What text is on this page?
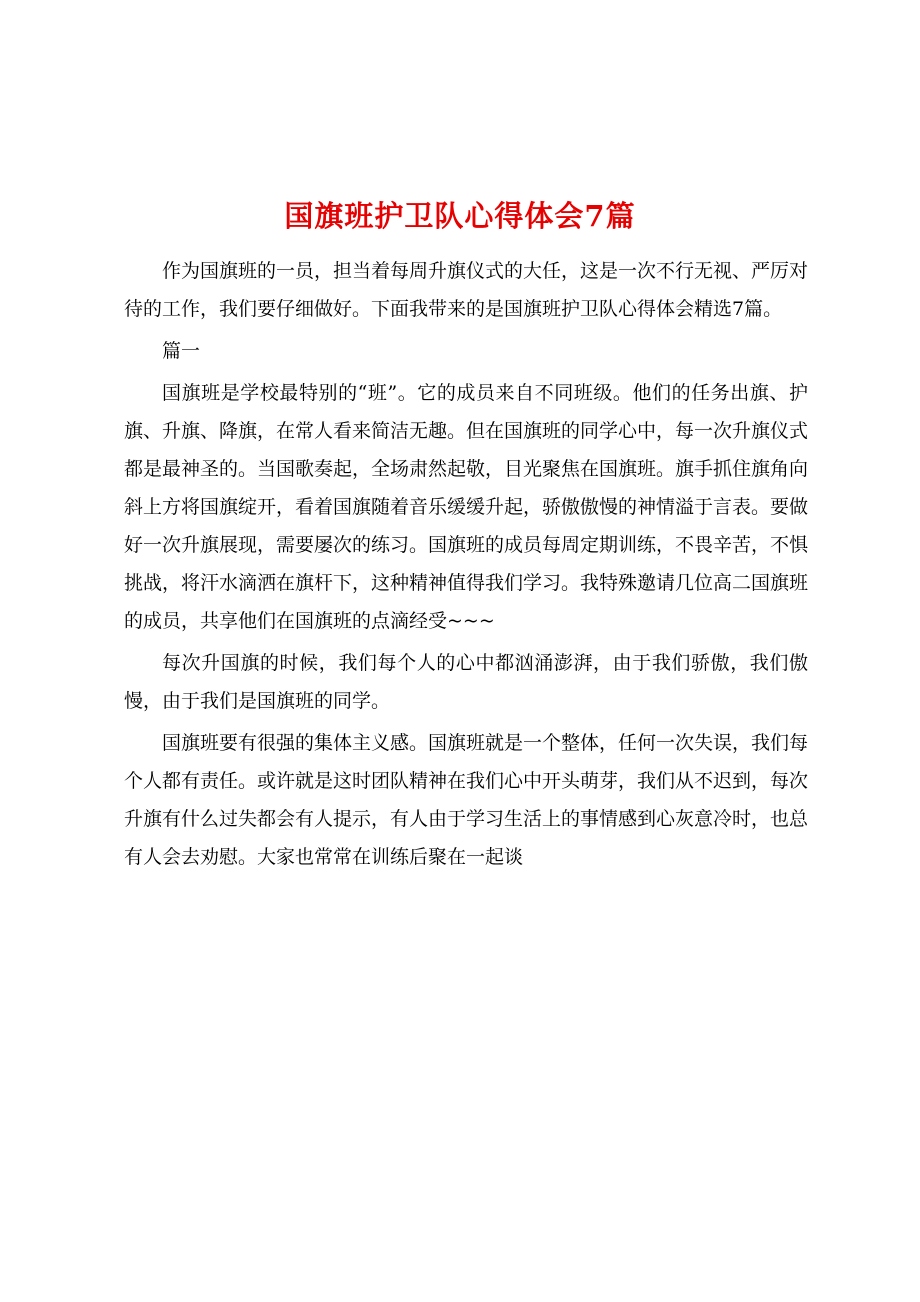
国旗班护卫队心得体会7篇

作为国旗班的一员，担当着每周升旗仪式的大任，这是一次不行无视、严厉对待的工作，我们要仔细做好。下面我带来的是国旗班护卫队心得体会精选7篇。

篇一

国旗班是学校最特别的“班”。它的成员来自不同班级。他们的任务出旗、护旗、升旗、降旗，在常人看来简洁无趣。但在国旗班的同学心中，每一次升旗仪式都是最神圣的。当国歌奏起，全场肃然起敬，目光聚焦在国旗班。旗手抓住旗角向斜上方将国旗绽开，看着国旗随着音乐缓缓升起，骄傲傲慢的神情溢于言表。要做好一次升旗展现，需要屡次的练习。国旗班的成员每周定期训练，不畏辛苦，不惧挑战，将汗水滴洒在旗杆下，这种精神值得我们学习。我特殊邀请几位高二国旗班的成员，共享他们在国旗班的点滴经受~~~

每次升国旗的时候，我们每个人的心中都汹涌澎湃，由于我们骄傲，我们傲慢，由于我们是国旗班的同学。

国旗班要有很强的集体主义感。国旗班就是一个整体，任何一次失误，我们每个人都有责任。或许就是这时团队精神在我们心中开头萌芽，我们从不迟到，每次升旗有什么过失都会有人提示，有人由于学习生活上的事情感到心灰意冷时，也总有人会去劝慰。大家也常常在训练后聚在一起谈
